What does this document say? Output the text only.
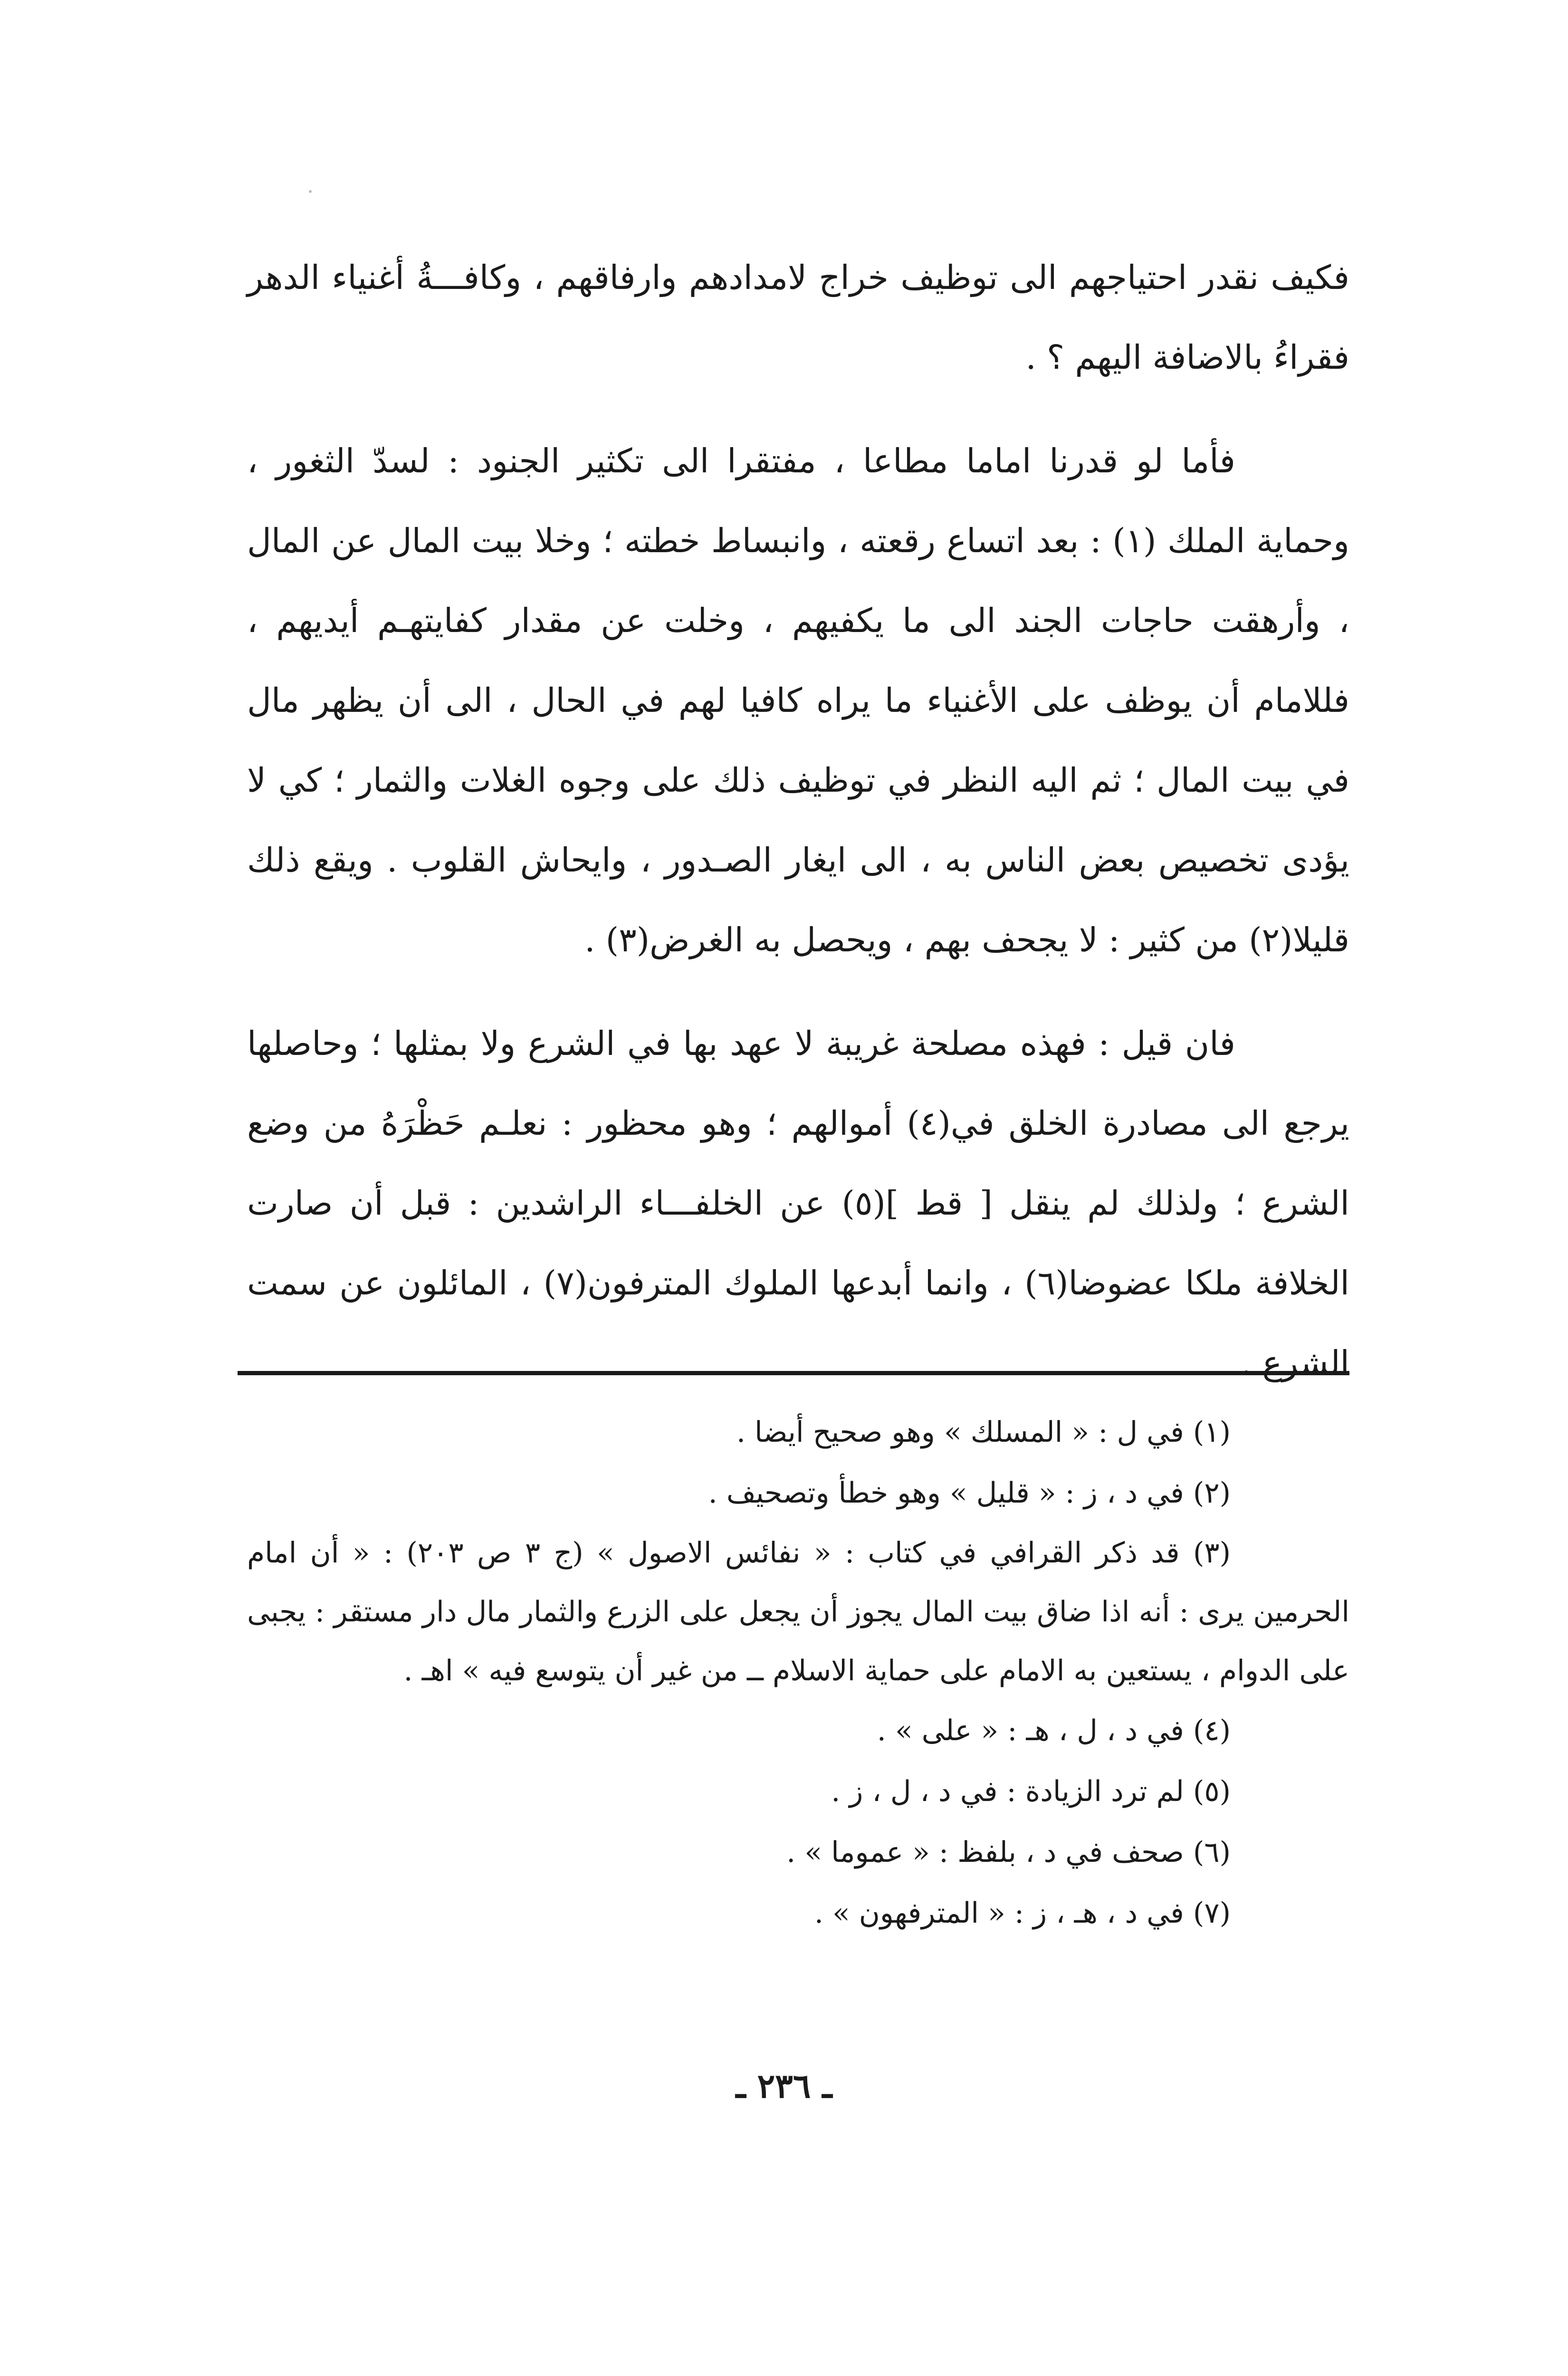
فكيف نقدر احتياجهم الى توظيف خراج لامدادهم وارفاقهم ، وكافـــةُ أغنياء الدهر فقراءُ بالاضافة اليهم ؟ .

فأما لو قدرنا اماما مطاعا ، مفتقرا الى تكثير الجنود : لسدّ الثغور ، وحماية الملك (١) : بعد اتساع رقعته ، وانبساط خطته ؛ وخلا بيت المال عن المال ، وأرهقت حاجات الجند الى ما يكفيهم ، وخلت عن مقدار كفايتهـم أيديهم ، فللامام أن يوظف على الأغنياء ما يراه كافيا لهم في الحال ، الى أن يظهر مال في بيت المال ؛ ثم اليه النظر في توظيف ذلك على وجوه الغلات والثمار ؛ كي لا يؤدى تخصيص بعض الناس به ، الى ايغار الصـدور ، وايحاش القلوب . ويقع ذلك قليلا(٢) من كثير : لا يجحف بهم ، ويحصل به الغرض(٣) .

فان قيل : فهذه مصلحة غريبة لا عهد بها في الشرع ولا بمثلها ؛ وحاصلها يرجع الى مصادرة الخلق في(٤) أموالهم ؛ وهو محظور : نعلـم حَظْرَهُ من وضع الشرع ؛ ولذلك لم ينقل [ قط ](٥) عن الخلفـــاء الراشدين : قبل أن صارت الخلافة ملكا عضوضا(٦) ، وانما أبدعها الملوك المترفون(٧) ، المائلون عن سمت الشرع .

(١) في ل : « المسلك » وهو صحيح أيضا .

(٢) في د ، ز : « قليل » وهو خطأ وتصحيف .

(٣) قد ذكر القرافي في كتاب : « نفائس الاصول » (ج ٣ ص ٢٠٣) : « أن امام الحرمين يرى : أنه اذا ضاق بيت المال يجوز أن يجعل على الزرع والثمار مال دار مستقر : يجبى على الدوام ، يستعين به الامام على حماية الاسلام ــ من غير أن يتوسع فيه » اهـ .

(٤) في د ، ل ، هـ : « على » .

(٥) لم ترد الزيادة : في د ، ل ، ز .

(٦) صحف في د ، بلفظ : « عموما » .

(٧) في د ، هـ ، ز : « المترفهون » .

ـ ٢٣٦ ـ
